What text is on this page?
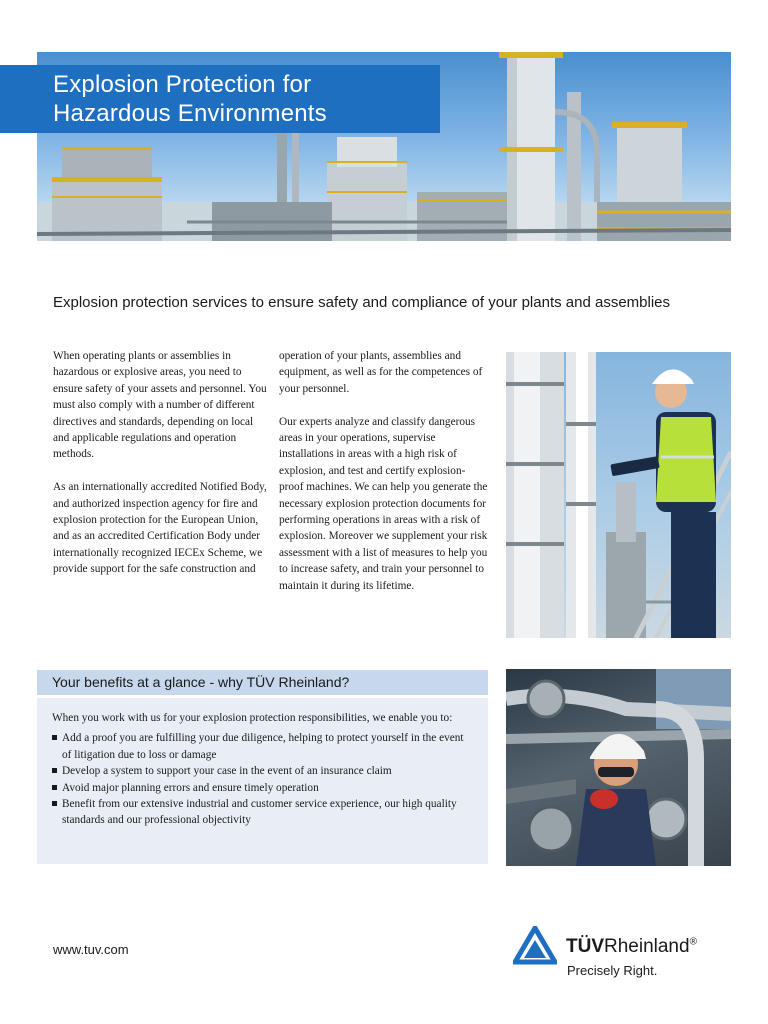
Explosion Protection for
Hazardous Environments
Explosion protection services to ensure safety and compliance of your plants and assemblies

When operating plants or assemblies in hazardous or explosive areas, you need to ensure safety of your assets and personnel. You must also comply with a number of different directives and standards, depending on local and applicable regulations and operation methods.

As an internationally accredited Notified Body, and authorized inspection agency for fire and explosion protection for the European Union, and as an accredited Certification Body under internationally recognized IECEx Scheme, we provide support for the safe construction and

operation of your plants, assemblies and equipment, as well as for the competences of your personnel.

Our experts analyze and classify dangerous areas in your operations, supervise installations in areas with a high risk of explosion, and test and certify explosion-proof machines. We can help you generate the necessary explosion protection documents for performing operations in areas with a risk of explosion. Moreover we supplement your risk assessment with a list of measures to help you to increase safety, and train your personnel to maintain it during its lifetime.

Your benefits at a glance - why TÜV Rheinland?

When you work with us for your explosion protection responsibilities, we enable you to:

Add a proof you are fulfilling your due diligence, helping to protect yourself in the event of litigation due to loss or damage
Develop a system to support your case in the event of an insurance claim
Avoid major planning errors and ensure timely operation
Benefit from our extensive industrial and customer service experience, our high quality standards and our professional objectivity
www.tuv.com	TÜVRheinland®
Precisely Right.
